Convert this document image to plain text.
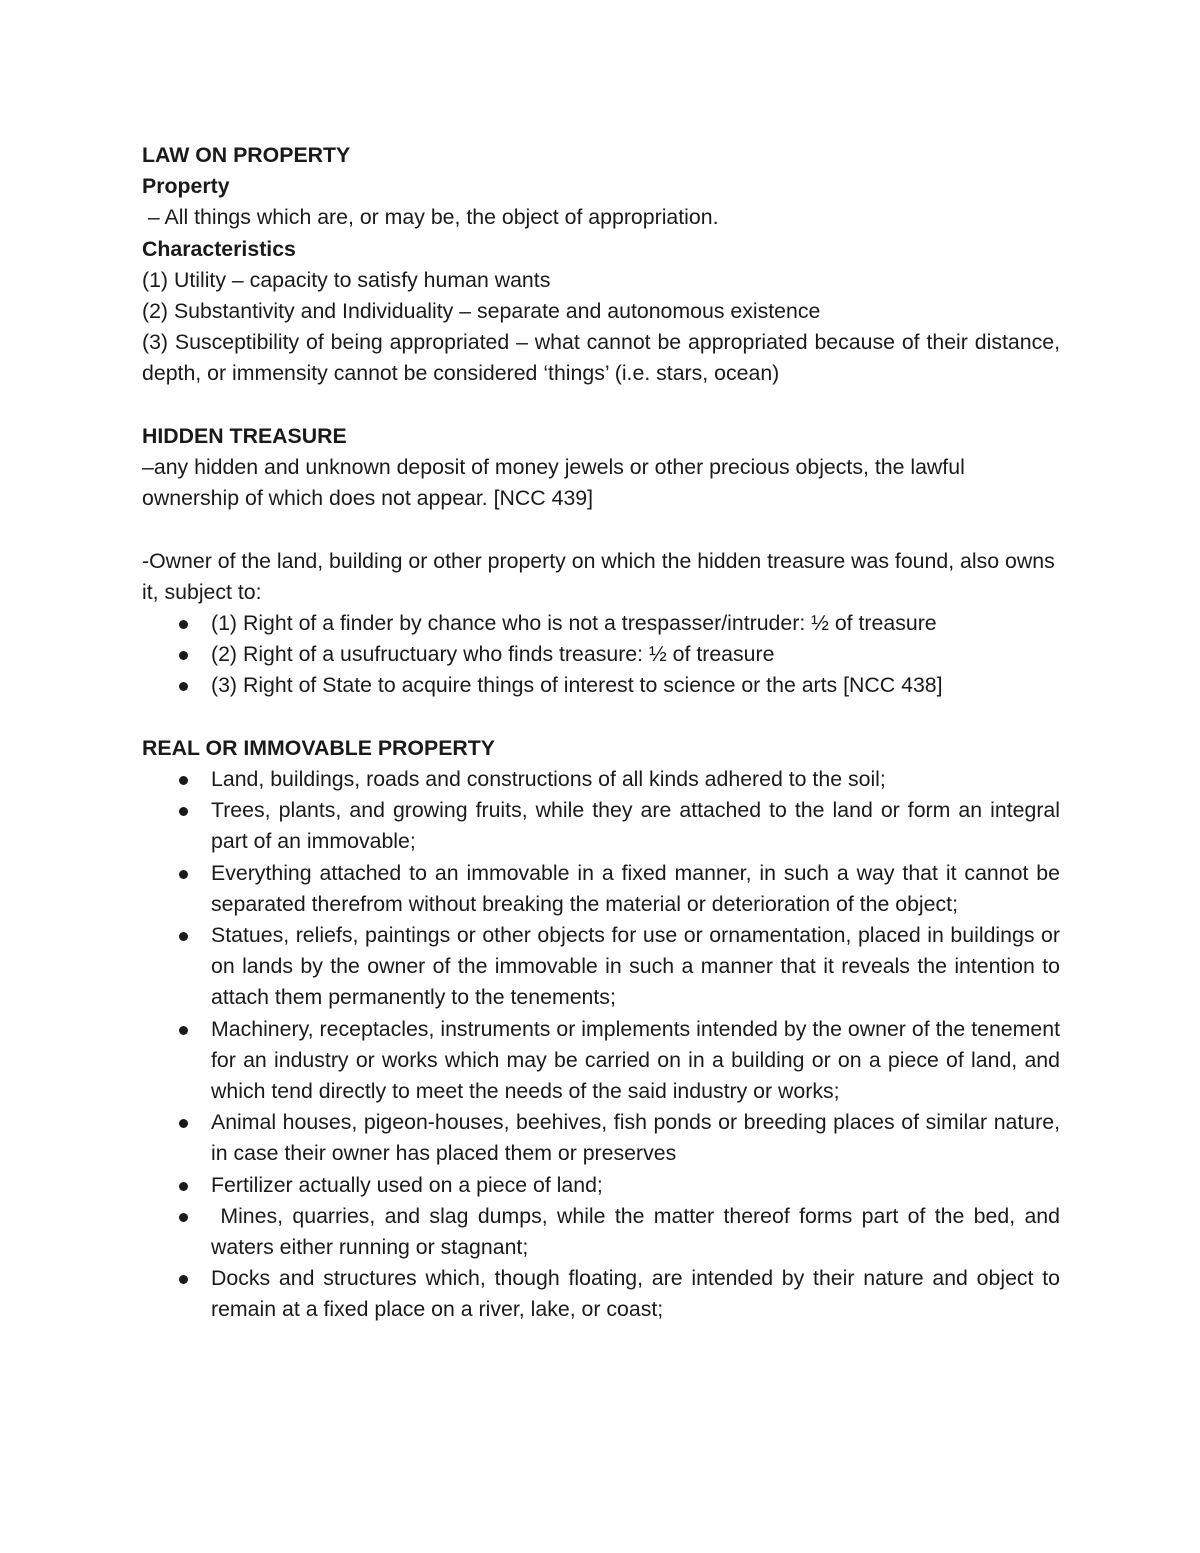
LAW ON PROPERTY

Property

– All things which are, or may be, the object of appropriation.

Characteristics

(1) Utility – capacity to satisfy human wants

(2) Substantivity and Individuality – separate and autonomous existence

(3) Susceptibility of being appropriated – what cannot be appropriated because of their distance, depth, or immensity cannot be considered ‘things’ (i.e. stars, ocean)

HIDDEN TREASURE

–any hidden and unknown deposit of money jewels or other precious objects, the lawful ownership of which does not appear. [NCC 439]

-Owner of the land, building or other property on which the hidden treasure was found, also owns it, subject to:

(1) Right of a finder by chance who is not a trespasser/intruder: ½ of treasure
(2) Right of a usufructuary who finds treasure: ½ of treasure
(3) Right of State to acquire things of interest to science or the arts [NCC 438]

REAL OR IMMOVABLE PROPERTY

Land, buildings, roads and constructions of all kinds adhered to the soil;
Trees, plants, and growing fruits, while they are attached to the land or form an integral part of an immovable;
Everything attached to an immovable in a fixed manner, in such a way that it cannot be separated therefrom without breaking the material or deterioration of the object;
Statues, reliefs, paintings or other objects for use or ornamentation, placed in buildings or on lands by the owner of the immovable in such a manner that it reveals the intention to attach them permanently to the tenements;
Machinery, receptacles, instruments or implements intended by the owner of the tenement for an industry or works which may be carried on in a building or on a piece of land, and which tend directly to meet the needs of the said industry or works;
Animal houses, pigeon-houses, beehives, fish ponds or breeding places of similar nature, in case their owner has placed them or preserves
Fertilizer actually used on a piece of land;
Mines, quarries, and slag dumps, while the matter thereof forms part of the bed, and waters either running or stagnant;
Docks and structures which, though floating, are intended by their nature and object to remain at a fixed place on a river, lake, or coast;
